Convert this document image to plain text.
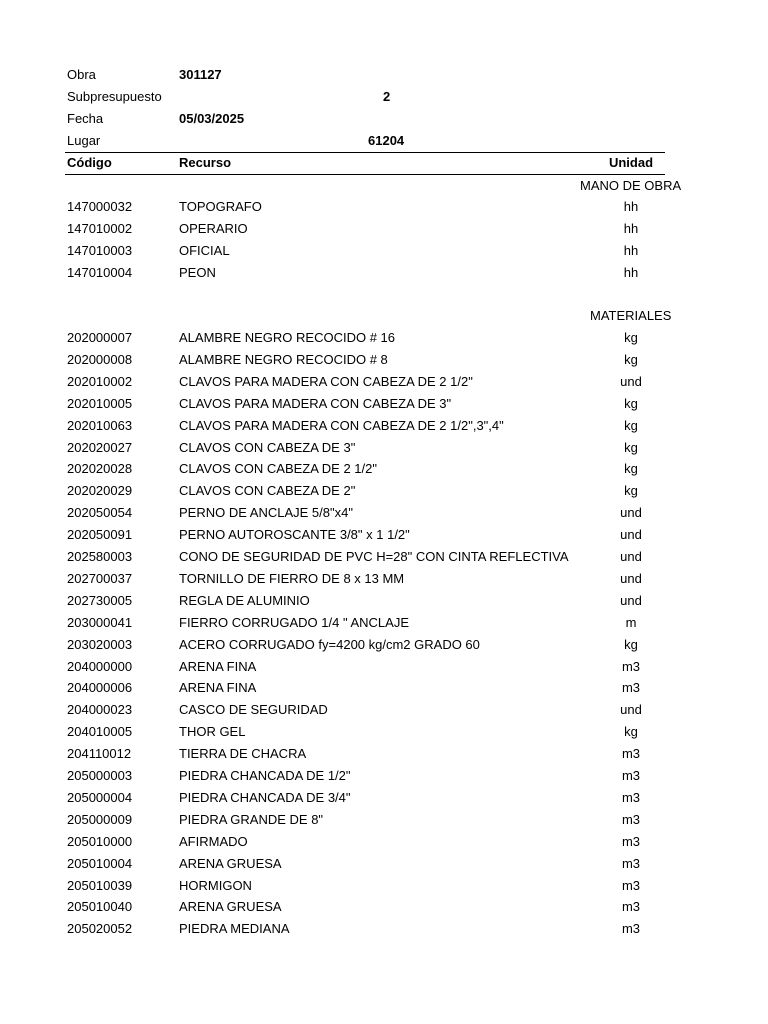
Obra	301127
Subpresupuesto	2
Fecha	05/03/2025
Lugar	61204
Código	Recurso	Unidad
MANO DE OBRA
147000032	TOPOGRAFO	hh
147010002	OPERARIO	hh
147010003	OFICIAL	hh
147010004	PEON	hh
MATERIALES
202000007	ALAMBRE NEGRO RECOCIDO # 16	kg
202000008	ALAMBRE NEGRO RECOCIDO # 8	kg
202010002	CLAVOS PARA MADERA CON CABEZA DE 2 1/2"	und
202010005	CLAVOS PARA MADERA CON CABEZA DE 3"	kg
202010063	CLAVOS PARA MADERA CON CABEZA DE 2 1/2",3",4"	kg
202020027	CLAVOS CON CABEZA DE 3"	kg
202020028	CLAVOS CON CABEZA DE 2 1/2"	kg
202020029	CLAVOS CON CABEZA DE 2"	kg
202050054	PERNO DE ANCLAJE 5/8"x4"	und
202050091	PERNO AUTOROSCANTE 3/8" x 1 1/2"	und
202580003	CONO DE SEGURIDAD DE PVC H=28" CON CINTA REFLECTIVA	und
202700037	TORNILLO DE FIERRO DE 8 x 13 MM	und
202730005	REGLA DE ALUMINIO	und
203000041	FIERRO CORRUGADO 1/4 " ANCLAJE	m
203020003	ACERO CORRUGADO fy=4200 kg/cm2 GRADO 60	kg
204000000	ARENA FINA	m3
204000006	ARENA FINA	m3
204000023	CASCO DE SEGURIDAD	und
204010005	THOR GEL	kg
204110012	TIERRA DE CHACRA	m3
205000003	PIEDRA CHANCADA DE 1/2"	m3
205000004	PIEDRA CHANCADA DE 3/4"	m3
205000009	PIEDRA GRANDE DE 8"	m3
205010000	AFIRMADO	m3
205010004	ARENA GRUESA	m3
205010039	HORMIGON	m3
205010040	ARENA GRUESA	m3
205020052	PIEDRA MEDIANA	m3
